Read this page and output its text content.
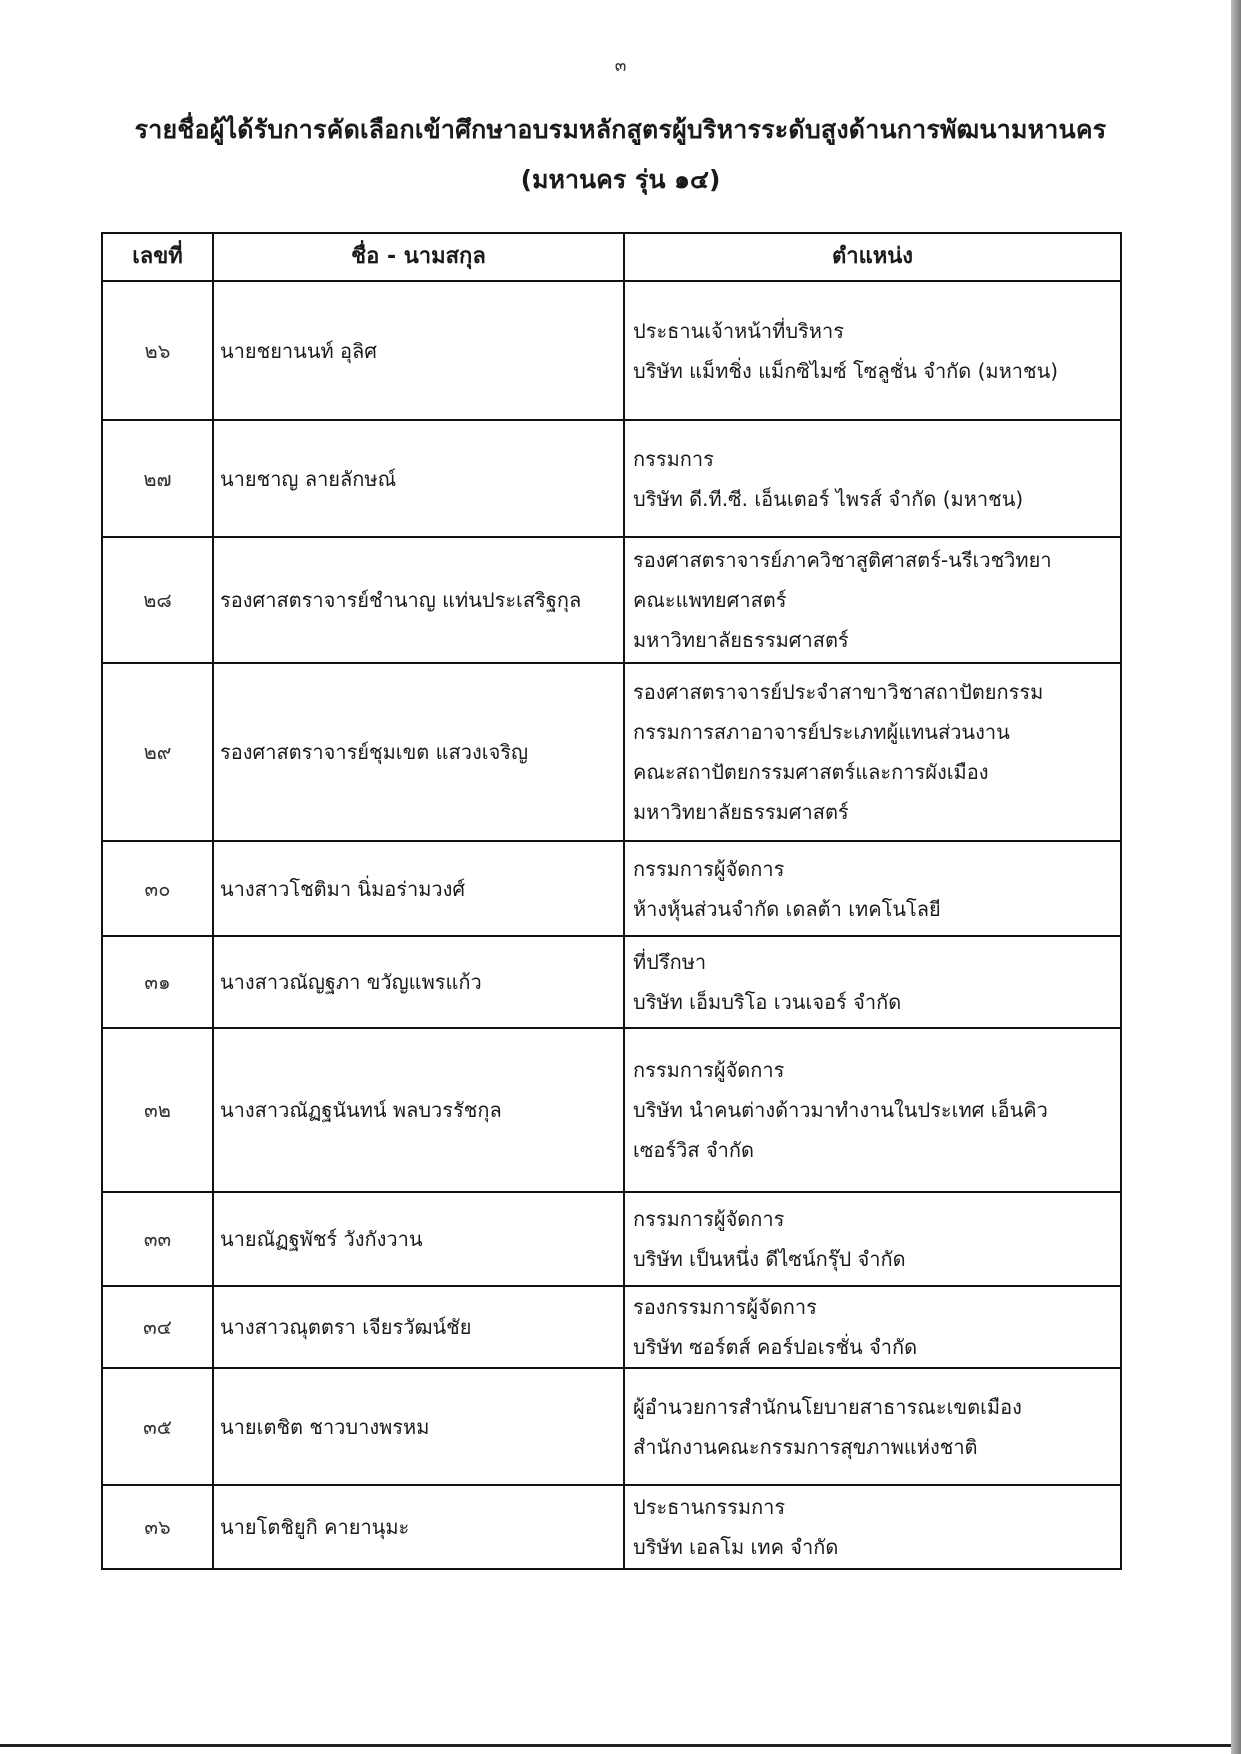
๓
รายชื่อผู้ได้รับการคัดเลือกเข้าศึกษาอบรมหลักสูตรผู้บริหารระดับสูงด้านการพัฒนามหานคร
(มหานคร รุ่น ๑๔)
เลขที่	ชื่อ - นามสกุล	ตำแหน่ง
๒๖	นายชยานนท์ อุลิศ	ประธานเจ้าหน้าที่บริหาร
บริษัท แม็ทชิ่ง แม็กซิไมซ์ โซลูชั่น จำกัด (มหาชน)

๒๗	นายชาญ ลายลักษณ์	กรรมการ
บริษัท ดี.ที.ซี. เอ็นเตอร์ ไพรส์ จำกัด (มหาชน)

๒๘	รองศาสตราจารย์ชำนาญ แท่นประเสริฐกุล	รองศาสตราจารย์ภาควิชาสูติศาสตร์-นรีเวชวิทยา
คณะแพทยศาสตร์
มหาวิทยาลัยธรรมศาสตร์

๒๙	รองศาสตราจารย์ชุมเขต แสวงเจริญ	รองศาสตราจารย์ประจำสาขาวิชาสถาปัตยกรรม
กรรมการสภาอาจารย์ประเภทผู้แทนส่วนงาน
คณะสถาปัตยกรรมศาสตร์และการผังเมือง
มหาวิทยาลัยธรรมศาสตร์

๓๐	นางสาวโชติมา นิ่มอร่ามวงศ์	กรรมการผู้จัดการ
ห้างหุ้นส่วนจำกัด เดลต้า เทคโนโลยี

๓๑	นางสาวณัญฐภา ขวัญแพรแก้ว	ที่ปรึกษา
บริษัท เอ็มบริโอ เวนเจอร์ จำกัด

๓๒	นางสาวณัฏฐนันทน์ พลบวรรัชกุล	กรรมการผู้จัดการ
บริษัท นำคนต่างด้าวมาทำงานในประเทศ เอ็นคิว
เซอร์วิส จำกัด

๓๓	นายณัฏฐพัชร์ วังกังวาน	กรรมการผู้จัดการ
บริษัท เป็นหนึ่ง ดีไซน์กรุ๊ป จำกัด

๓๔	นางสาวณุตตรา เจียรวัฒน์ชัย	รองกรรมการผู้จัดการ
บริษัท ซอร์ตส์ คอร์ปอเรชั่น จำกัด

๓๕	นายเตชิต ชาวบางพรหม	ผู้อำนวยการสำนักนโยบายสาธารณะเขตเมือง
สำนักงานคณะกรรมการสุขภาพแห่งชาติ

๓๖	นายโตชิยูกิ คายานุมะ	ประธานกรรมการ
บริษัท เอลโม เทค จำกัด
